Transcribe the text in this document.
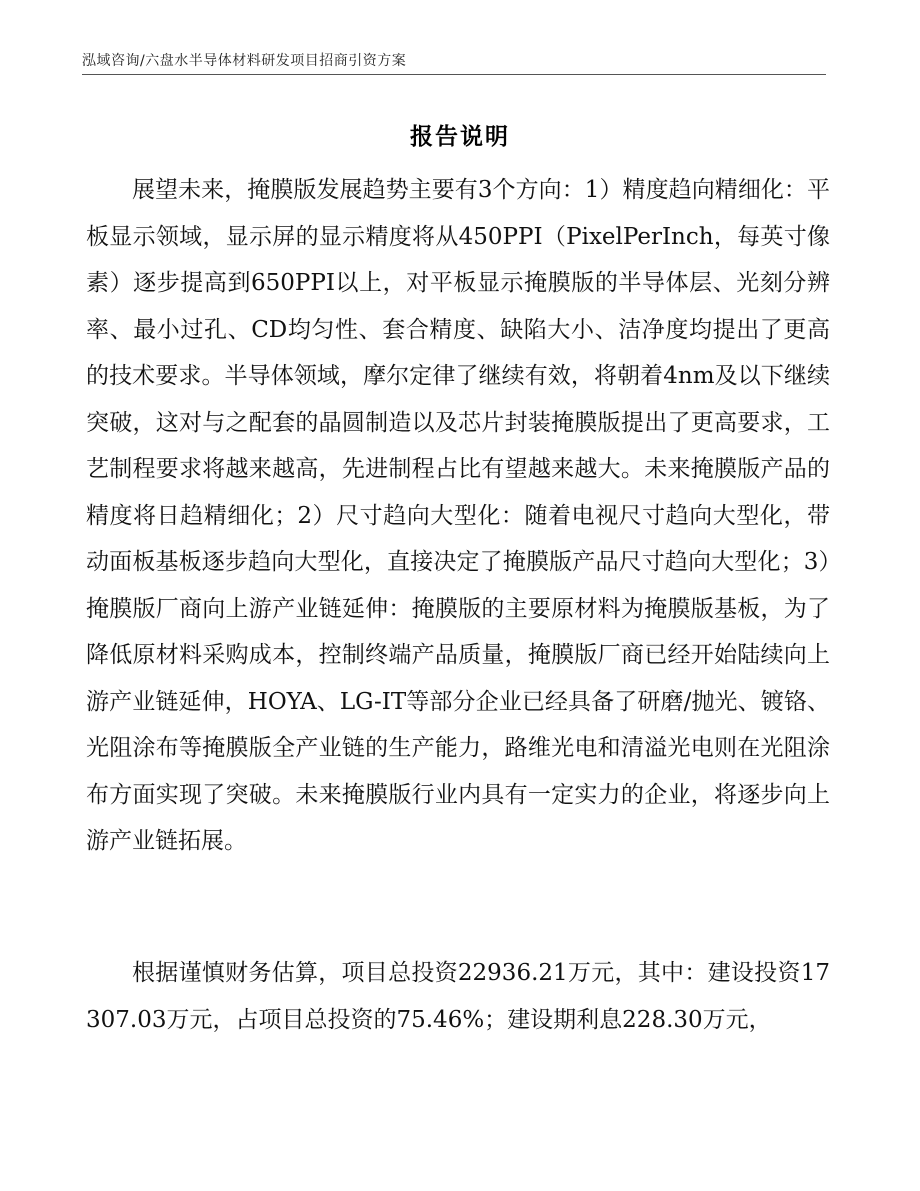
泓域咨询/六盘水半导体材料研发项目招商引资方案
报告说明

展望未来，掩膜版发展趋势主要有3个方向：1）精度趋向精细化：平板显示领域，显示屏的显示精度将从450PPI（PixelPerInch，每英寸像素）逐步提高到650PPI以上，对平板显示掩膜版的半导体层、光刻分辨率、最小过孔、CD均匀性、套合精度、缺陷大小、洁净度均提出了更高的技术要求。半导体领域，摩尔定律了继续有效，将朝着4nm及以下继续突破，这对与之配套的晶圆制造以及芯片封装掩膜版提出了更高要求，工艺制程要求将越来越高，先进制程占比有望越来越大。未来掩膜版产品的精度将日趋精细化；2）尺寸趋向大型化：随着电视尺寸趋向大型化，带动面板基板逐步趋向大型化，直接决定了掩膜版产品尺寸趋向大型化；3）掩膜版厂商向上游产业链延伸：掩膜版的主要原材料为掩膜版基板，为了降低原材料采购成本，控制终端产品质量，掩膜版厂商已经开始陆续向上游产业链延伸，HOYA、LG-IT等部分企业已经具备了研磨/抛光、镀铬、光阻涂布等掩膜版全产业链的生产能力，路维光电和清溢光电则在光阻涂布方面实现了突破。未来掩膜版行业内具有一定实力的企业，将逐步向上游产业链拓展。

根据谨慎财务估算，项目总投资22936.21万元，其中：建设投资17307.03万元，占项目总投资的75.46%；建设期利息228.30万元，
